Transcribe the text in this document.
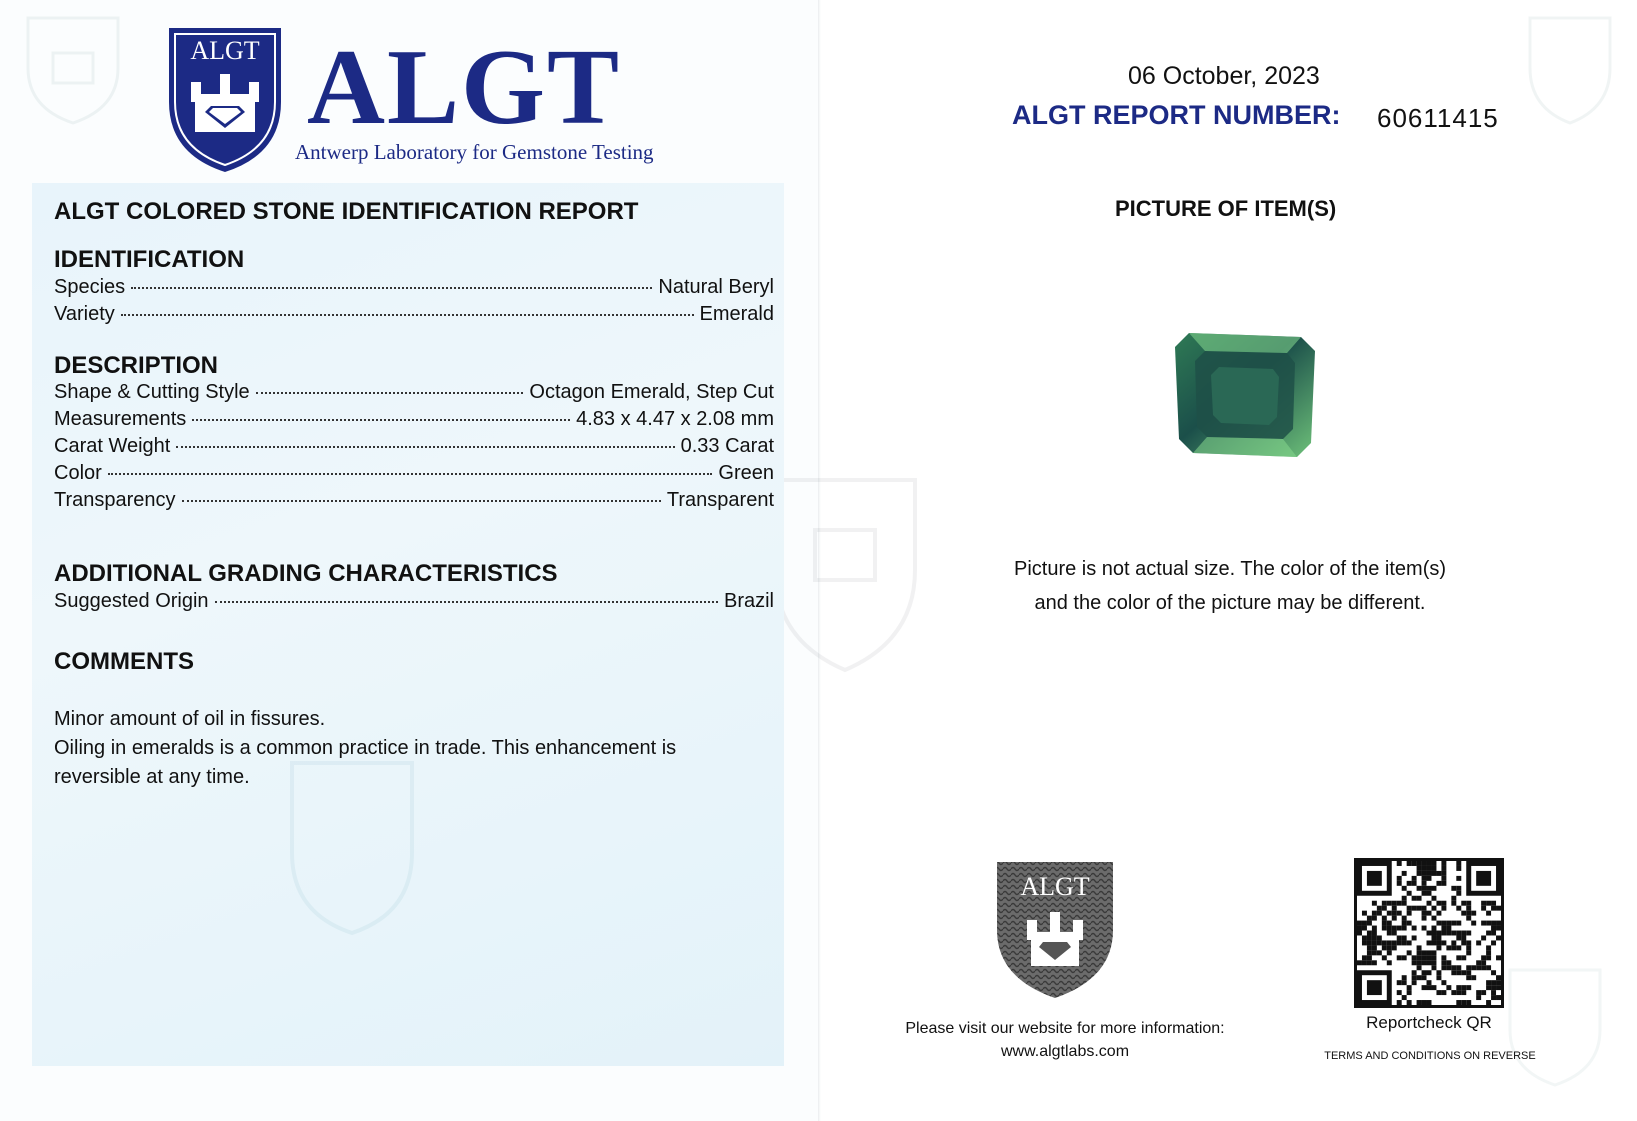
ALGT ALGT
Antwerp Laboratory for Gemstone Testing
ALGT COLORED STONE IDENTIFICATION REPORT
IDENTIFICATION
Species	Natural Beryl
Variety	Emerald
DESCRIPTION
Shape & Cutting Style	Octagon Emerald, Step Cut
Measurements	4.83 x 4.47 x 2.08 mm
Carat Weight	0.33 Carat
Color	Green
Transparency	Transparent
ADDITIONAL GRADING CHARACTERISTICS
Suggested Origin	Brazil
COMMENTS
Minor amount of oil in fissures.
Oiling in emeralds is a common practice in trade. This enhancement is
reversible at any time.
06 October, 2023
ALGT REPORT NUMBER: 60611415
PICTURE OF ITEM(S)
Picture is not actual size. The color of the item(s)
and the color of the picture may be different.
ALGT
Please visit our website for more information:
www.algtlabs.com
Reportcheck QR
TERMS AND CONDITIONS ON REVERSE
